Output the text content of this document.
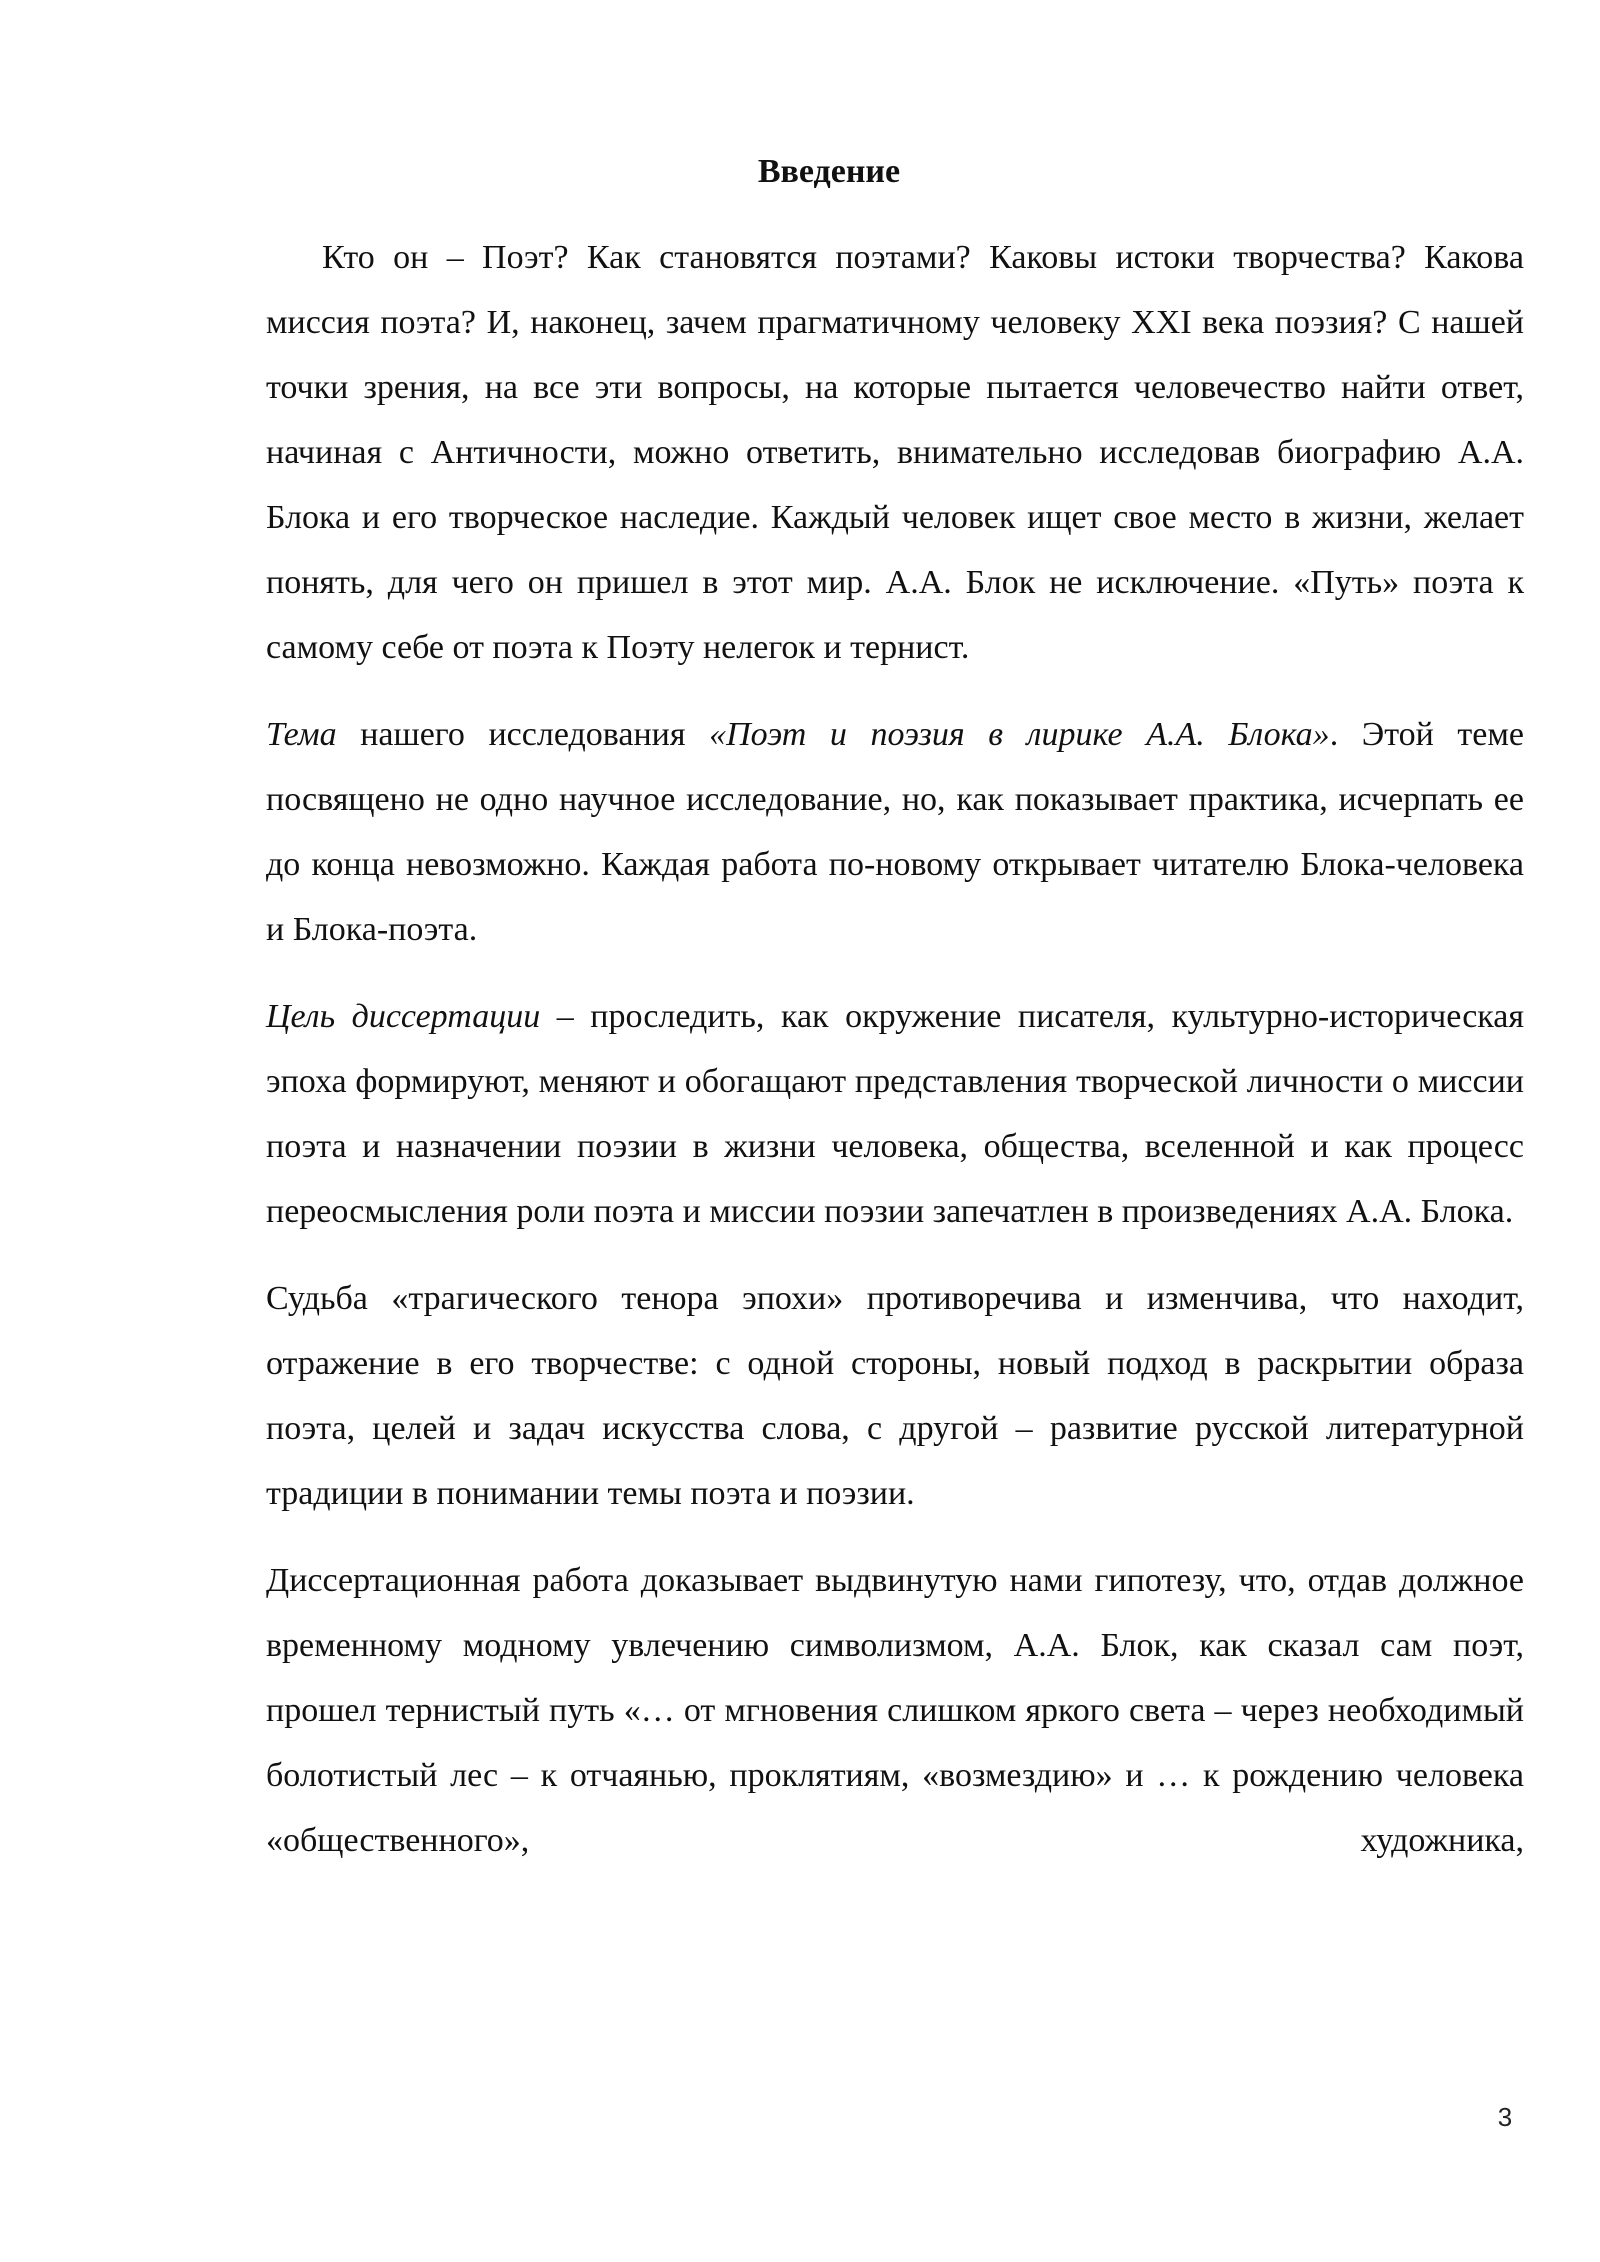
Введение

Кто он – Поэт? Как становятся поэтами? Каковы истоки творчества? Какова миссия поэта? И, наконец, зачем прагматичному человеку XXI века поэзия? С нашей точки зрения, на все эти вопросы, на которые пытается человечество найти ответ, начиная с Античности, можно ответить, внимательно исследовав биографию А.А. Блока и его творческое наследие. Каждый человек ищет свое место в жизни, желает понять, для чего он пришел в этот мир. А.А. Блок не исключение. «Путь» поэта к самому себе от поэта к Поэту нелегок и тернист.

Тема нашего исследования «Поэт и поэзия в лирике А.А. Блока». Этой теме посвящено не одно научное исследование, но, как показывает практика, исчерпать ее до конца невозможно. Каждая работа по-новому открывает читателю Блока-человека и Блока-поэта.

Цель диссертации – проследить, как окружение писателя, культурно-историческая эпоха формируют, меняют и обогащают представления творческой личности о миссии поэта и назначении поэзии в жизни человека, общества, вселенной и как процесс переосмысления роли поэта и миссии поэзии запечатлен в произведениях А.А. Блока.

Судьба «трагического тенора эпохи» противоречива и изменчива, что находит, отражение в его творчестве: с одной стороны, новый подход в раскрытии образа поэта, целей и задач искусства слова, с другой – развитие русской литературной традиции в понимании темы поэта и поэзии.

Диссертационная работа доказывает выдвинутую нами гипотезу, что, отдав должное временному модному увлечению символизмом, А.А. Блок, как сказал сам поэт, прошел тернистый путь «… от мгновения слишком яркого света – через необходимый болотистый лес – к отчаянью, проклятиям, «возмездию» и … к рождению человека «общественного», художника,

3
